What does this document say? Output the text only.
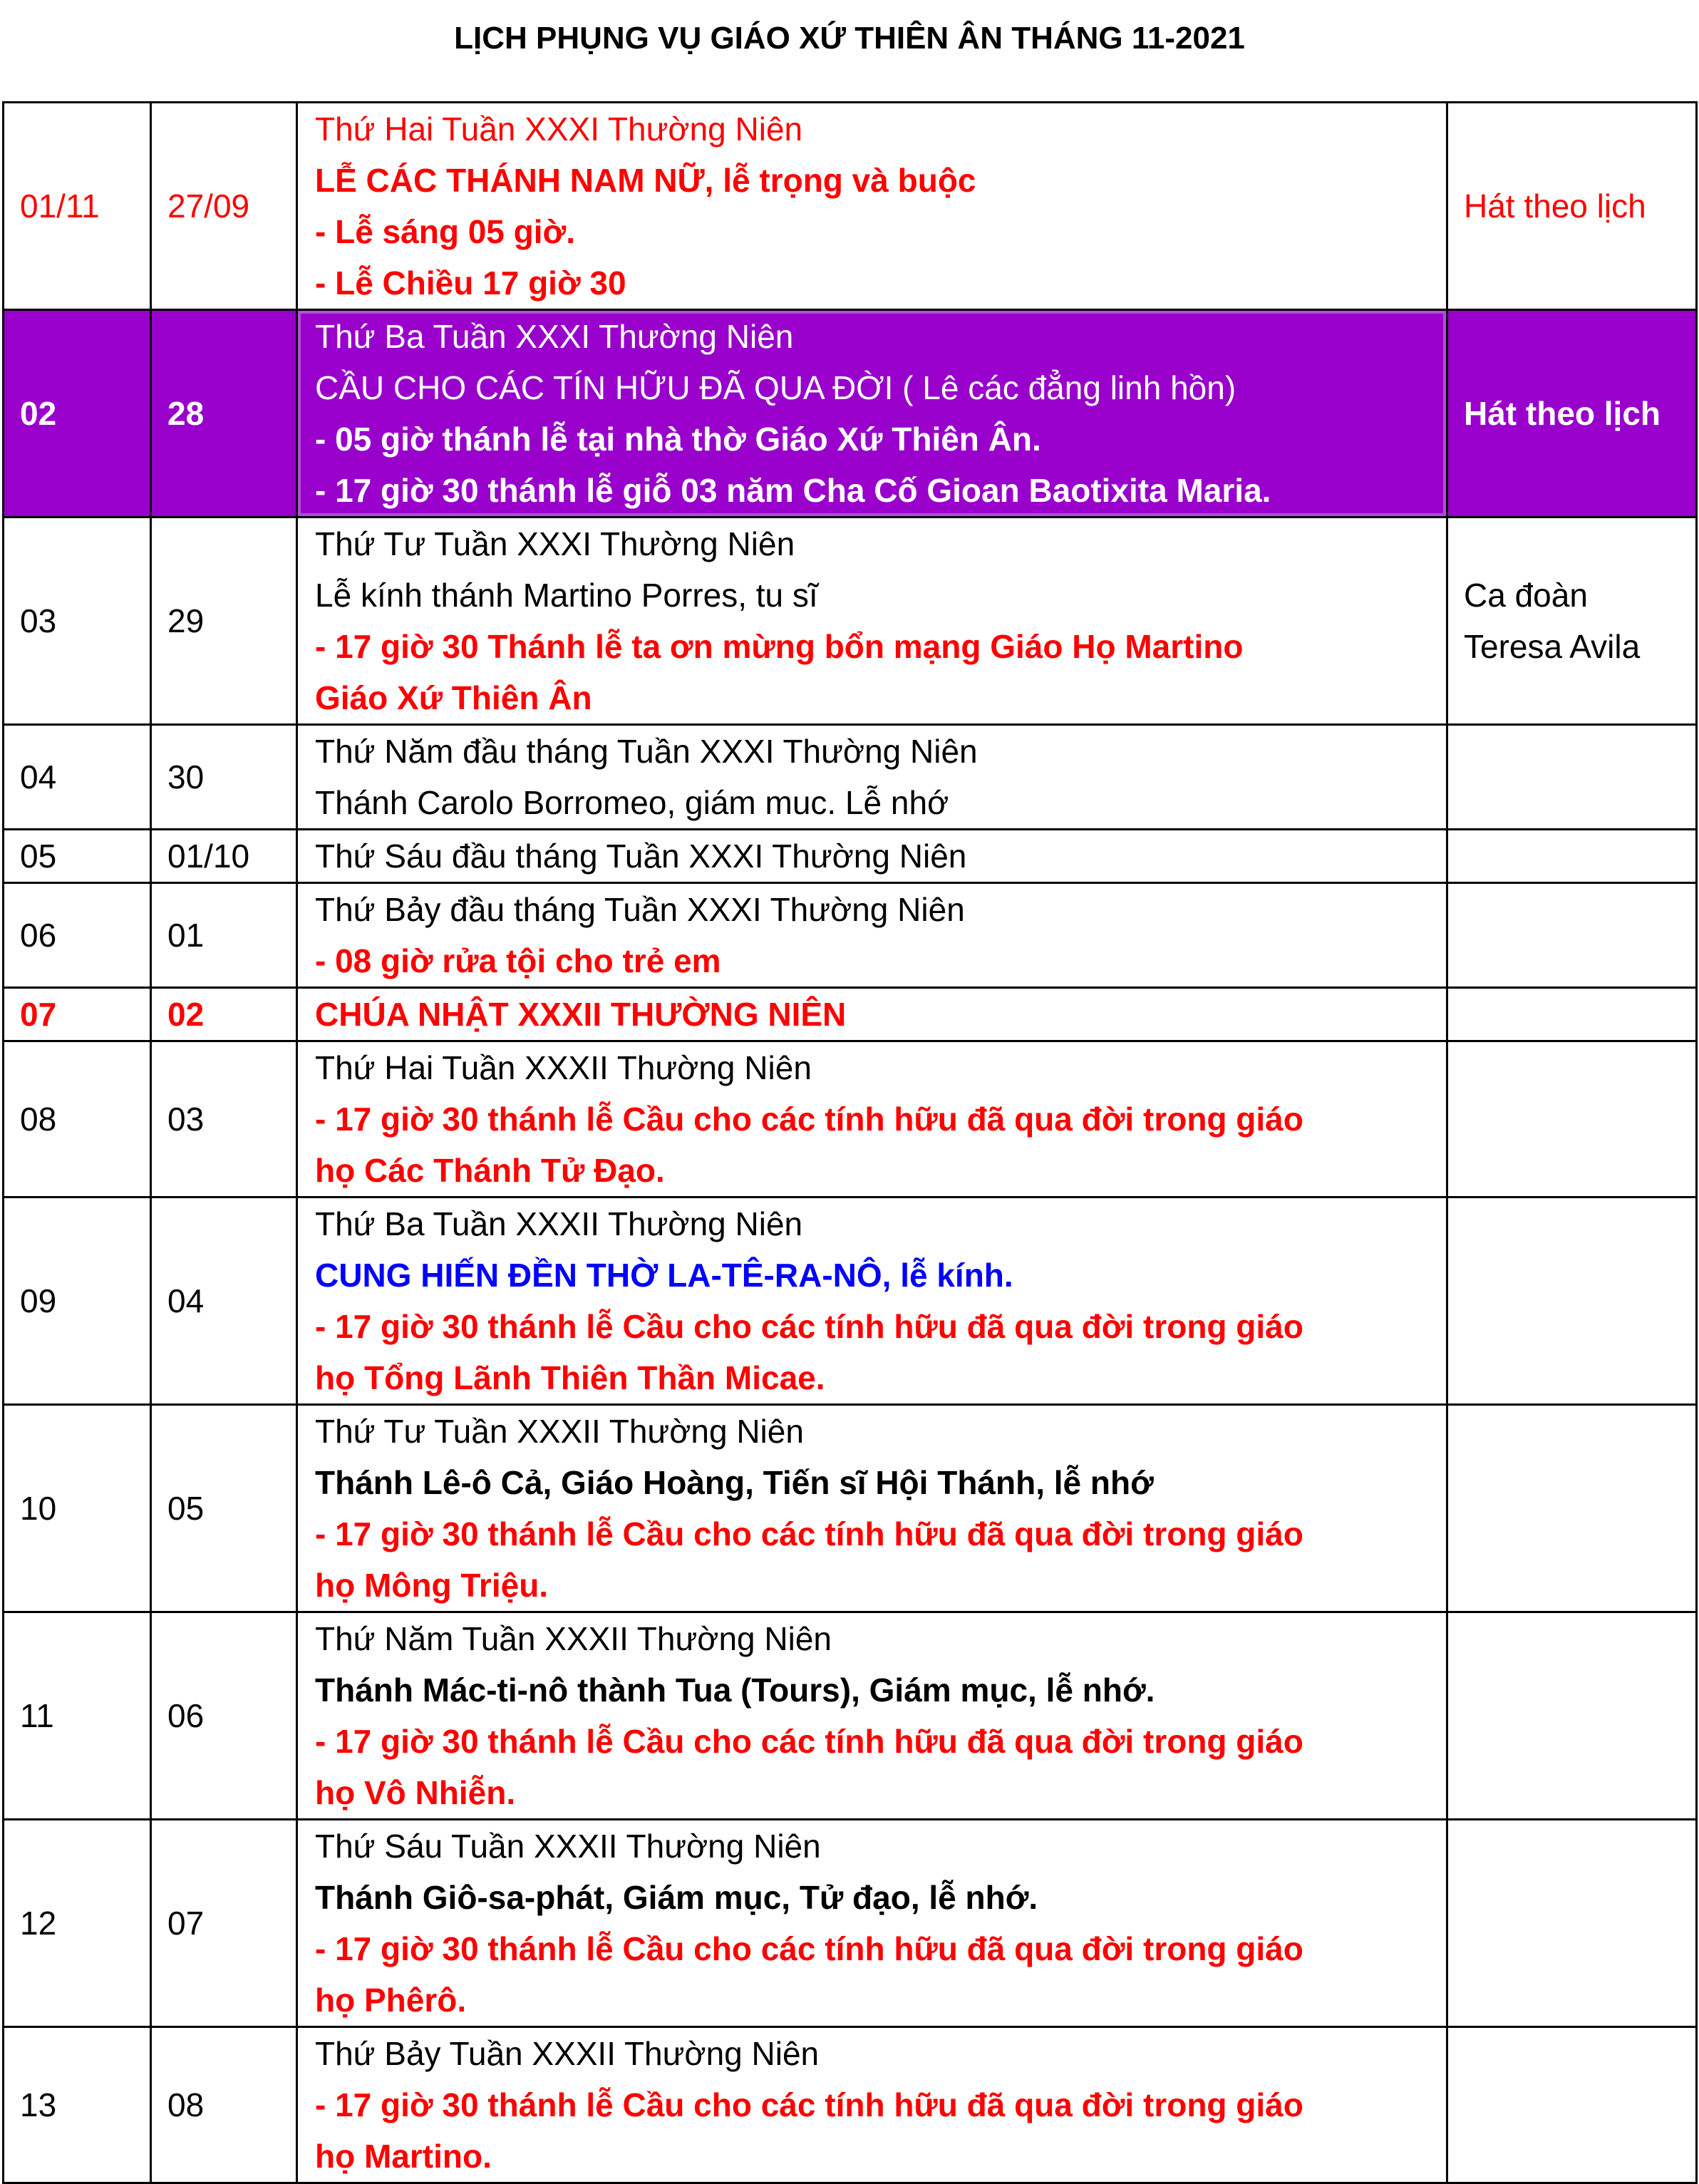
LỊCH PHỤNG VỤ GIÁO XỨ THIÊN ÂN THÁNG 11-2021
01/11	27/09	Thứ Hai Tuần XXXI Thường Niên
LỄ CÁC THÁNH NAM NỮ, lễ trọng và buộc
- Lễ sáng 05 giờ.
- Lễ Chiều 17 giờ 30	Hát theo lịch
02	28	Thứ Ba Tuần XXXI Thường Niên
CẦU CHO CÁC TÍN HỮU ĐÃ QUA ĐỜI ( Lê các đẳng linh hồn)
- 05 giờ thánh lễ tại nhà thờ Giáo Xứ Thiên Ân.
- 17 giờ 30 thánh lễ giỗ 03 năm Cha Cố Gioan Baotixita Maria.	Hát theo lịch
03	29	Thứ Tư Tuần XXXI Thường Niên
Lễ kính thánh Martino Porres, tu sĩ
- 17 giờ 30 Thánh lễ ta ơn mừng bổn mạng Giáo Họ Martino
Giáo Xứ Thiên Ân	Ca đoàn Teresa Avila
04	30	Thứ Năm đầu tháng Tuần XXXI Thường Niên
Thánh Carolo Borromeo, giám muc. Lễ nhớ	

05	01/10	Thứ Sáu đầu tháng Tuần XXXI Thường Niên	

06	01	Thứ Bảy đầu tháng Tuần XXXI Thường Niên
- 08 giờ rửa tội cho trẻ em	

07	02	CHÚA NHẬT XXXII THƯỜNG NIÊN	

08	03	Thứ Hai Tuần XXXII Thường Niên
- 17 giờ 30 thánh lễ Cầu cho các tính hữu đã qua đời trong giáo
họ Các Thánh Tử Đạo.	

09	04	Thứ Ba Tuần XXXII Thường Niên
CUNG HIẾN ĐỀN THỜ LA-TÊ-RA-NÔ, lễ kính.
- 17 giờ 30 thánh lễ Cầu cho các tính hữu đã qua đời trong giáo
họ Tổng Lãnh Thiên Thần Micae.	

10	05	Thứ Tư Tuần XXXII Thường Niên
Thánh Lê-ô Cả, Giáo Hoàng, Tiến sĩ Hội Thánh, lễ nhớ
- 17 giờ 30 thánh lễ Cầu cho các tính hữu đã qua đời trong giáo
họ Mông Triệu.	

11	06	Thứ Năm Tuần XXXII Thường Niên
Thánh Mác-ti-nô thành Tua (Tours), Giám mục, lễ nhớ.
- 17 giờ 30 thánh lễ Cầu cho các tính hữu đã qua đời trong giáo
họ Vô Nhiễn.	

12	07	Thứ Sáu Tuần XXXII Thường Niên
Thánh Giô-sa-phát, Giám mục, Tử đạo, lễ nhớ.
- 17 giờ 30 thánh lễ Cầu cho các tính hữu đã qua đời trong giáo
họ Phêrô.	

13	08	Thứ Bảy Tuần XXXII Thường Niên
- 17 giờ 30 thánh lễ Cầu cho các tính hữu đã qua đời trong giáo
họ Martino.	
